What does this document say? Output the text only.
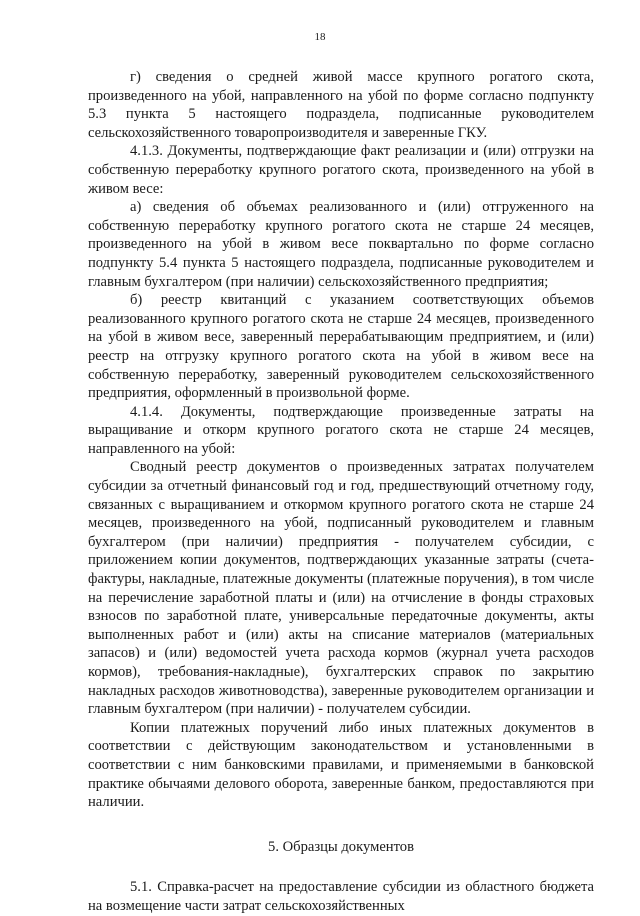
18

г) сведения о средней живой массе крупного рогатого скота, произведенного на убой, направленного на убой по форме согласно подпункту 5.3 пункта 5 настоящего подраздела, подписанные руководителем сельскохозяйственного товаропроизводителя и заверенные ГКУ.

4.1.3. Документы, подтверждающие факт реализации и (или) отгрузки на собственную переработку крупного рогатого скота, произведенного на убой в живом весе:

а) сведения об объемах реализованного и (или) отгруженного на собственную переработку крупного рогатого скота не старше 24 месяцев, произведенного на убой в живом весе поквартально по форме согласно подпункту 5.4 пункта 5 настоящего подраздела, подписанные руководителем и главным бухгалтером (при наличии) сельскохозяйственного предприятия;

б) реестр квитанций с указанием соответствующих объемов реализованного крупного рогатого скота не старше 24 месяцев, произведенного на убой в живом весе, заверенный перерабатывающим предприятием, и (или) реестр на отгрузку крупного рогатого скота на убой в живом весе на собственную переработку, заверенный руководителем сельскохозяйственного предприятия, оформленный в произвольной форме.

4.1.4. Документы, подтверждающие произведенные затраты на выращивание и откорм крупного рогатого скота не старше 24 месяцев, направленного на убой:

Сводный реестр документов о произведенных затратах получателем субсидии за отчетный финансовый год и год, предшествующий отчетному году, связанных с выращиванием и откормом крупного рогатого скота не старше 24 месяцев, произведенного на убой, подписанный руководителем и главным бухгалтером (при наличии) предприятия - получателем субсидии, с приложением копии документов, подтверждающих указанные затраты (счета-фактуры, накладные, платежные документы (платежные поручения), в том числе на перечисление заработной платы и (или) на отчисление в фонды страховых взносов по заработной плате, универсальные передаточные документы, акты выполненных работ и (или) акты на списание материалов (материальных запасов) и (или) ведомостей учета расхода кормов (журнал учета расходов кормов), требования-накладные), бухгалтерских справок по закрытию накладных расходов животноводства), заверенные руководителем организации и главным бухгалтером (при наличии) - получателем субсидии.

Копии платежных поручений либо иных платежных документов в соответствии с действующим законодательством и установленными в соответствии с ним банковскими правилами, и применяемыми в банковской практике обычаями делового оборота, заверенные банком, предоставляются при наличии.

5. Образцы документов

5.1. Справка-расчет на предоставление субсидии из областного бюджета на возмещение части затрат сельскохозяйственных
